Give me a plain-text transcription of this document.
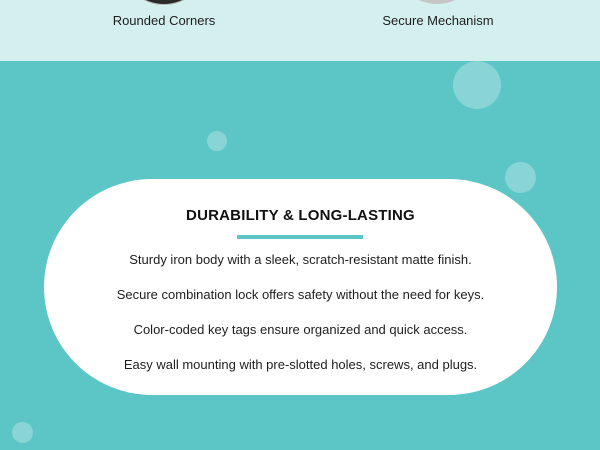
Rounded Corners	Secure Mechanism
DURABILITY & LONG-LASTING

Sturdy iron body with a sleek, scratch-resistant matte finish.

Secure combination lock offers safety without the need for keys.

Color-coded key tags ensure organized and quick access.

Easy wall mounting with pre-slotted holes, screws, and plugs.
